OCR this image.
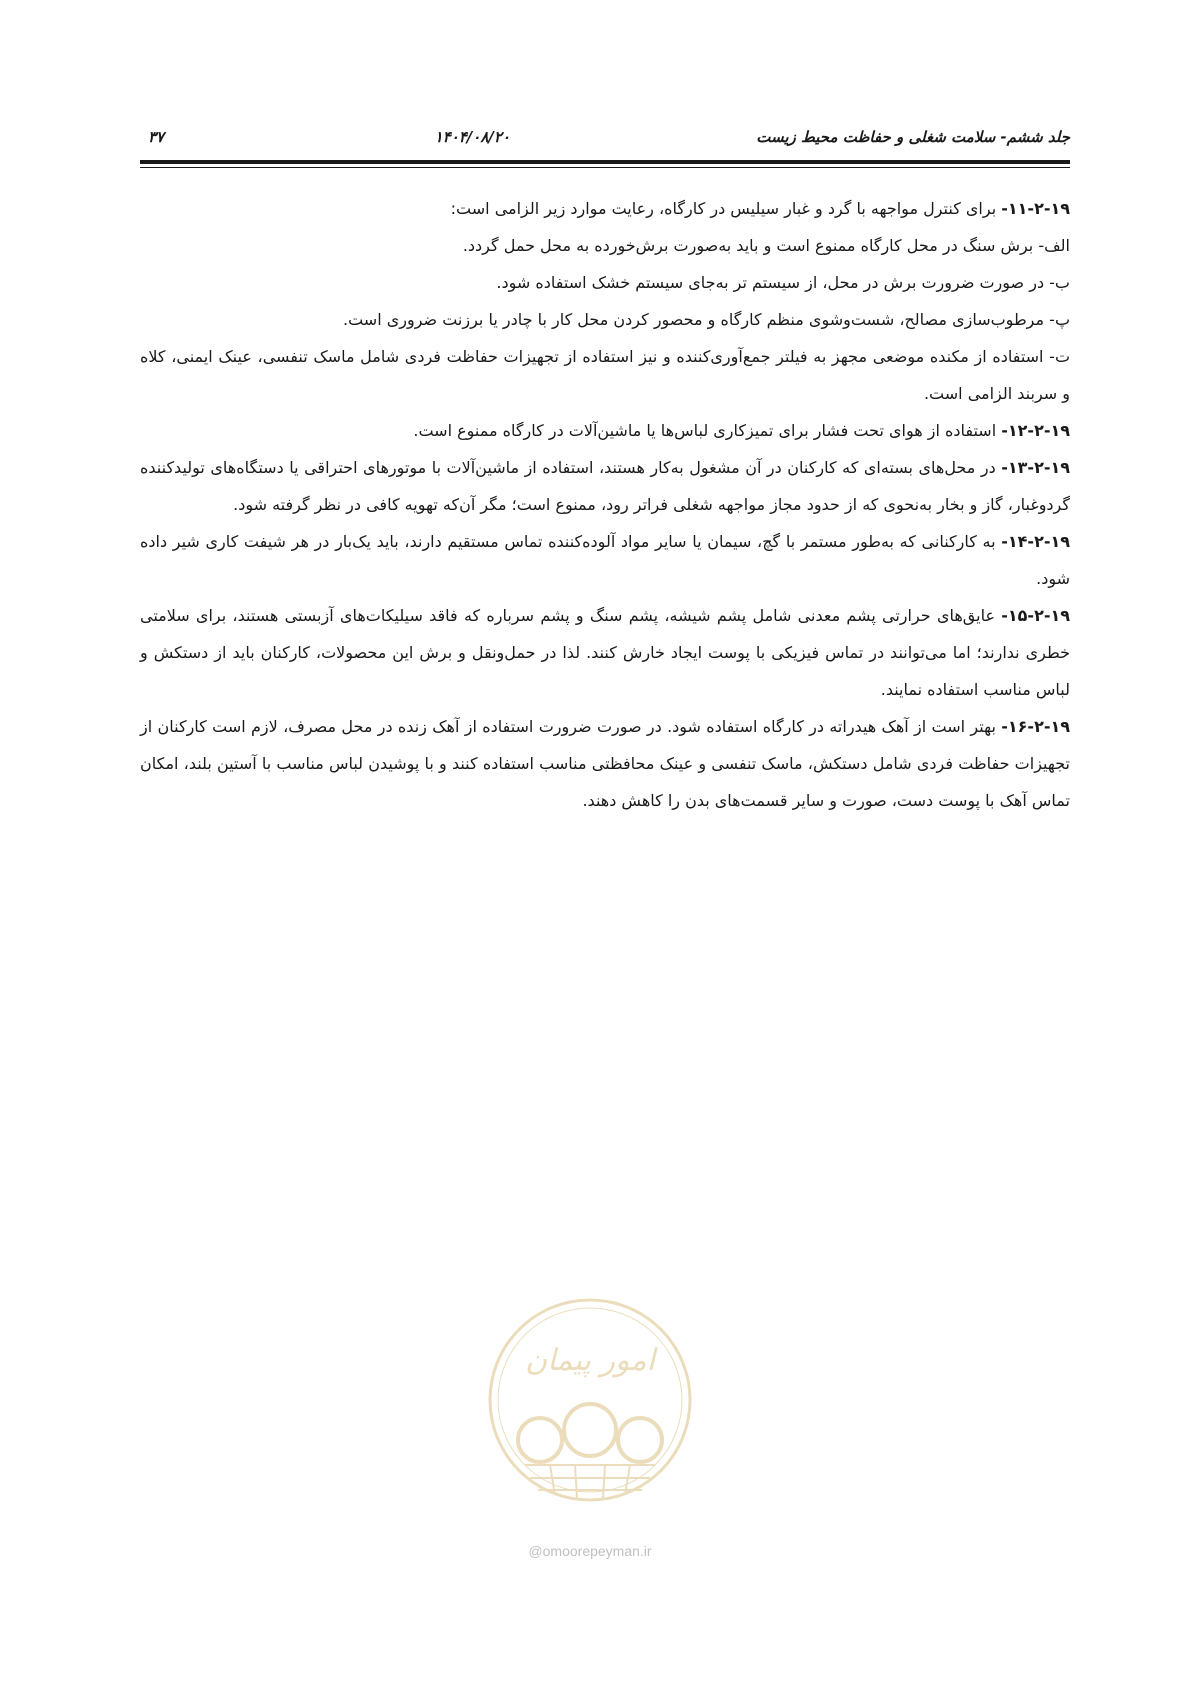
جلد ششم- سلامت شغلی و حفاظت محیط زیست
۱۴۰۴/۰۸/۲۰
۳۷

۱۱-۲-۱۹- برای کنترل مواجهه با گرد و غبار سیلیس در کارگاه، رعایت موارد زیر الزامی است:

الف- برش سنگ در محل کارگاه ممنوع است و باید به‌صورت برش‌خورده به محل حمل گردد.

ب- در صورت ضرورت برش در محل، از سیستم تر به‌جای سیستم خشک استفاده شود.

پ- مرطوب‌سازی مصالح، شست‌وشوی منظم کارگاه و محصور کردن محل کار با چادر یا برزنت ضروری است.

ت- استفاده از مکنده موضعی مجهز به فیلتر جمع‌آوری‌کننده و نیز استفاده از تجهیزات حفاظت فردی شامل ماسک تنفسی، عینک ایمنی، کلاه و سربند الزامی است.

۱۲-۲-۱۹- استفاده از هوای تحت فشار برای تمیزکاری لباس‌ها یا ماشین‌آلات در کارگاه ممنوع است.

۱۳-۲-۱۹- در محل‌های بسته‌ای که کارکنان در آن مشغول به‌کار هستند، استفاده از ماشین‌آلات با موتورهای احتراقی یا دستگاه‌های تولیدکننده گردوغبار، گاز و بخار به‌نحوی که از حدود مجاز مواجهه شغلی فراتر رود، ممنوع است؛ مگر آن‌که تهویه کافی در نظر گرفته شود.

۱۴-۲-۱۹- به کارکنانی که به‌طور مستمر با گچ، سیمان یا سایر مواد آلوده‌کننده تماس مستقیم دارند، باید یک‌بار در هر شیفت کاری شیر داده شود.

۱۵-۲-۱۹- عایق‌های حرارتی پشم معدنی شامل پشم شیشه، پشم سنگ و پشم سرباره که فاقد سیلیکات‌های آزبستی هستند، برای سلامتی خطری ندارند؛ اما می‌توانند در تماس فیزیکی با پوست ایجاد خارش کنند. لذا در حمل‌ونقل و برش این محصولات، کارکنان باید از دستکش و لباس مناسب استفاده نمایند.

۱۶-۲-۱۹- بهتر است از آهک هیدراته در کارگاه استفاده شود. در صورت ضرورت استفاده از آهک زنده در محل مصرف، لازم است کارکنان از تجهیزات حفاظت فردی شامل دستکش، ماسک تنفسی و عینک محافظتی مناسب استفاده کنند و با پوشیدن لباس مناسب با آستین بلند، امکان تماس آهک با پوست دست، صورت و سایر قسمت‌های بدن را کاهش دهند.

امور پیمان
@omoorepeyman.ir
